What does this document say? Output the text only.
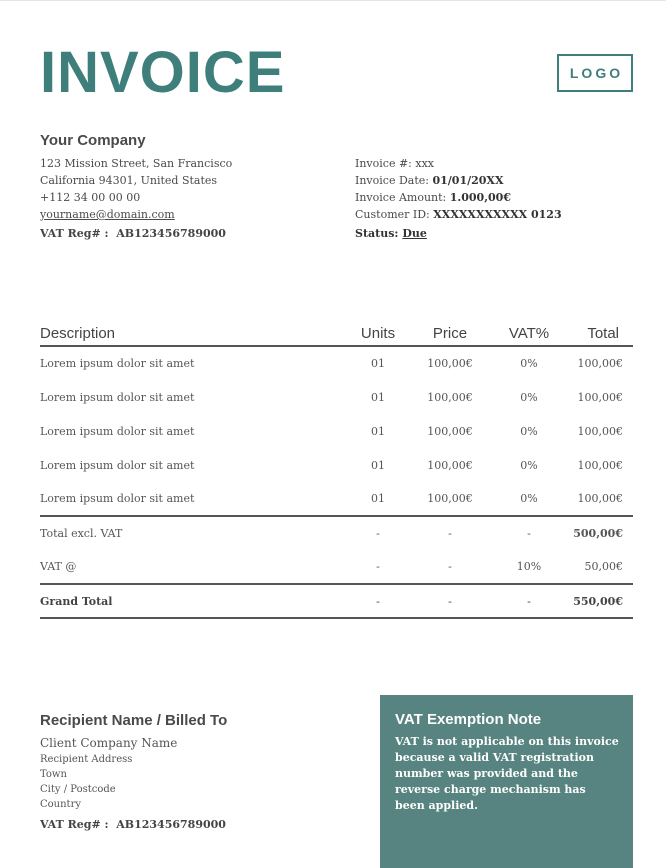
INVOICE	LOGO
Your Company
123 Mission Street, San Francisco
California 94301, United States
+112 34 00 00 00
yourname@domain.com
VAT Reg# : AB123456789000
Invoice #: xxx
Invoice Date: 01/01/20XX
Invoice Amount: 1.000,00€
Customer ID: XXXXXXXXXXX 0123
Status: Due
Description	Units	Price	VAT%	Total
Lorem ipsum dolor sit amet	01	100,00€	0%	100,00€
Lorem ipsum dolor sit amet	01	100,00€	0%	100,00€
Lorem ipsum dolor sit amet	01	100,00€	0%	100,00€
Lorem ipsum dolor sit amet	01	100,00€	0%	100,00€
Lorem ipsum dolor sit amet	01	100,00€	0%	100,00€
Total excl. VAT	-	-	-	500,00€
VAT @	-	-	10%	50,00€
Grand Total	-	-	-	550,00€
Recipient Name / Billed To
Client Company Name
Recipient Address
Town
City / Postcode
Country
VAT Reg# : AB123456789000
VAT Exemption Note
VAT is not applicable on this invoice because a valid VAT registration number was provided and the reverse charge mechanism has been applied.
